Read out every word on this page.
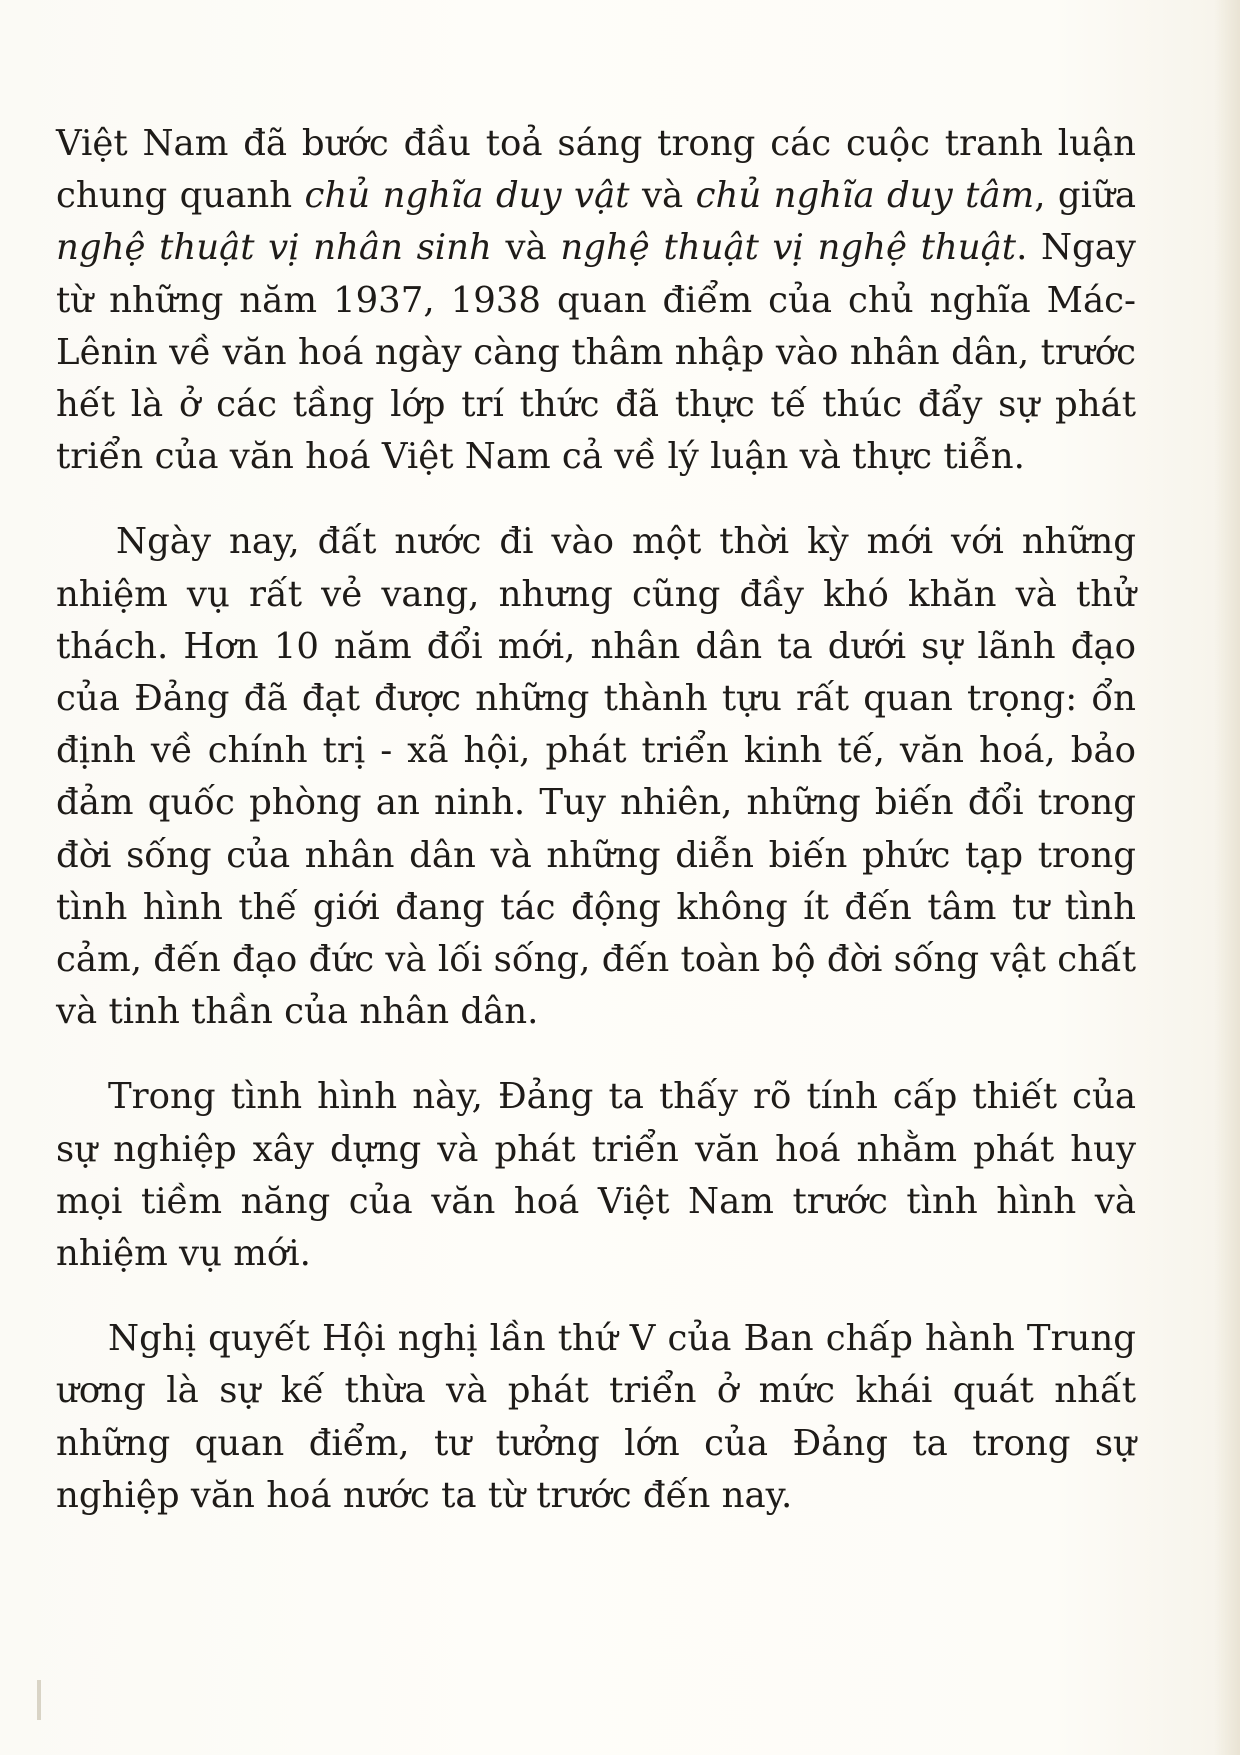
Việt Nam đã bước đầu toả sáng trong các cuộc tranh luận chung quanh chủ nghĩa duy vật và chủ nghĩa duy tâm, giữa nghệ thuật vị nhân sinh và nghệ thuật vị nghệ thuật. Ngay từ những năm 1937, 1938 quan điểm của chủ nghĩa Mác-Lênin về văn hoá ngày càng thâm nhập vào nhân dân, trước hết là ở các tầng lớp trí thức đã thực tế thúc đẩy sự phát triển của văn hoá Việt Nam cả về lý luận và thực tiễn.

Ngày nay, đất nước đi vào một thời kỳ mới với những nhiệm vụ rất vẻ vang, nhưng cũng đầy khó khăn và thử thách. Hơn 10 năm đổi mới, nhân dân ta dưới sự lãnh đạo của Đảng đã đạt được những thành tựu rất quan trọng: ổn định về chính trị - xã hội, phát triển kinh tế, văn hoá, bảo đảm quốc phòng an ninh. Tuy nhiên, những biến đổi trong đời sống của nhân dân và những diễn biến phức tạp trong tình hình thế giới đang tác động không ít đến tâm tư tình cảm, đến đạo đức và lối sống, đến toàn bộ đời sống vật chất và tinh thần của nhân dân.

Trong tình hình này, Đảng ta thấy rõ tính cấp thiết của sự nghiệp xây dựng và phát triển văn hoá nhằm phát huy mọi tiềm năng của văn hoá Việt Nam trước tình hình và nhiệm vụ mới.

Nghị quyết Hội nghị lần thứ V của Ban chấp hành Trung ương là sự kế thừa và phát triển ở mức khái quát nhất những quan điểm, tư tưởng lớn của Đảng ta trong sự nghiệp văn hoá nước ta từ trước đến nay.
